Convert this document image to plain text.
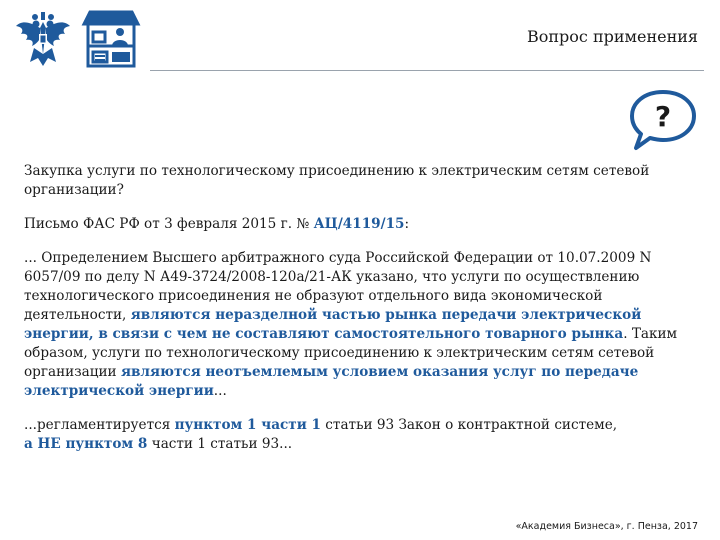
Вопрос применения
?

Закупка услуги по технологическому присоединению к электрическим сетям сетевой организации?

Письмо ФАС РФ от 3 февраля 2015 г. № АЦ/4119/15:

... Определением Высшего арбитражного суда Российской Федерации от 10.07.2009 N 6057/09 по делу N А49-3724/2008-120а/21-АК указано, что услуги по осуществлению технологического присоединения не образуют отдельного вида экономической деятельности, являются неразделной частью рынка передачи электрической энергии, в связи с чем не составляют самостоятельного товарного рынка. Таким образом, услуги по технологическому присоединению к электрическим сетям сетевой организации являются неотъемлемым условием оказания услуг по передаче электрической энергии...

...регламентируется пунктом 1 части 1 статьи 93 Закон о контрактной системе,
а НЕ пунктом 8 части 1 статьи 93...

«Академия Бизнеса», г. Пенза, 2017
